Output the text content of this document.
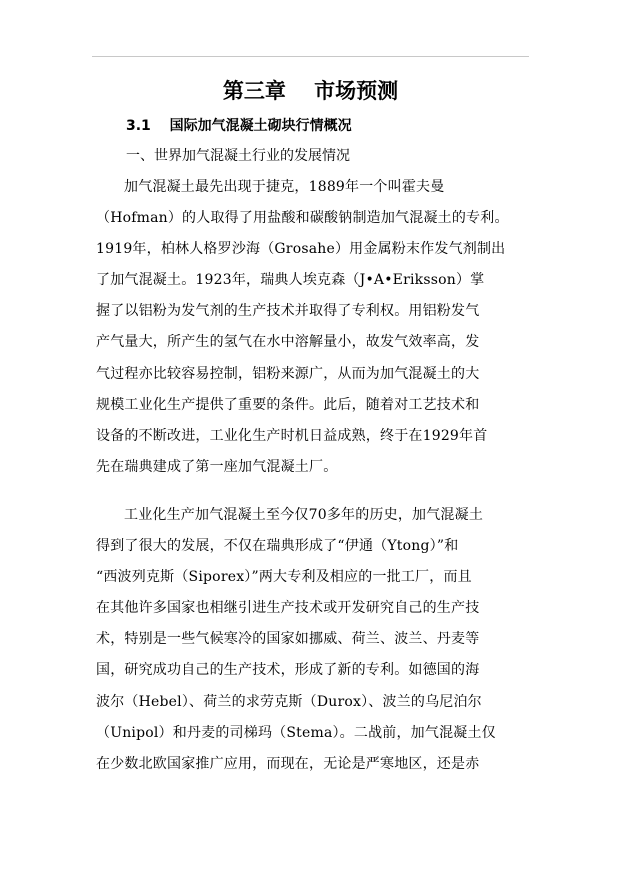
第三章　 市场预测
3.1　 国际加气混凝土砌块行情概况
一、世界加气混凝土行业的发展情况
加气混凝土最先出现于捷克，1889年一个叫霍夫曼
（Hofman）的人取得了用盐酸和碳酸钠制造加气混凝土的专利。
1919年，柏林人格罗沙海（Grosahe）用金属粉末作发气剂制出
了加气混凝土。1923年，瑞典人埃克森（J•A•Eriksson）掌
握了以铝粉为发气剂的生产技术并取得了专利权。用铝粉发气
产气量大，所产生的氢气在水中溶解量小，故发气效率高，发
气过程亦比较容易控制，铝粉来源广，从而为加气混凝土的大
规模工业化生产提供了重要的条件。此后，随着对工艺技术和
设备的不断改进，工业化生产时机日益成熟，终于在1929年首
先在瑞典建成了第一座加气混凝土厂。
工业化生产加气混凝土至今仅70多年的历史，加气混凝土
得到了很大的发展，不仅在瑞典形成了“伊通（Ytong）”和
“西波列克斯（Siporex）”两大专利及相应的一批工厂，而且
在其他许多国家也相继引进生产技术或开发研究自己的生产技
术，特别是一些气候寒冷的国家如挪威、荷兰、波兰、丹麦等
国，研究成功自己的生产技术，形成了新的专利。如德国的海
波尔（Hebel）、荷兰的求劳克斯（Durox）、波兰的乌尼泊尔
（Unipol）和丹麦的司梯玛（Stema）。二战前，加气混凝土仅
在少数北欧国家推广应用，而现在，无论是严寒地区，还是赤
